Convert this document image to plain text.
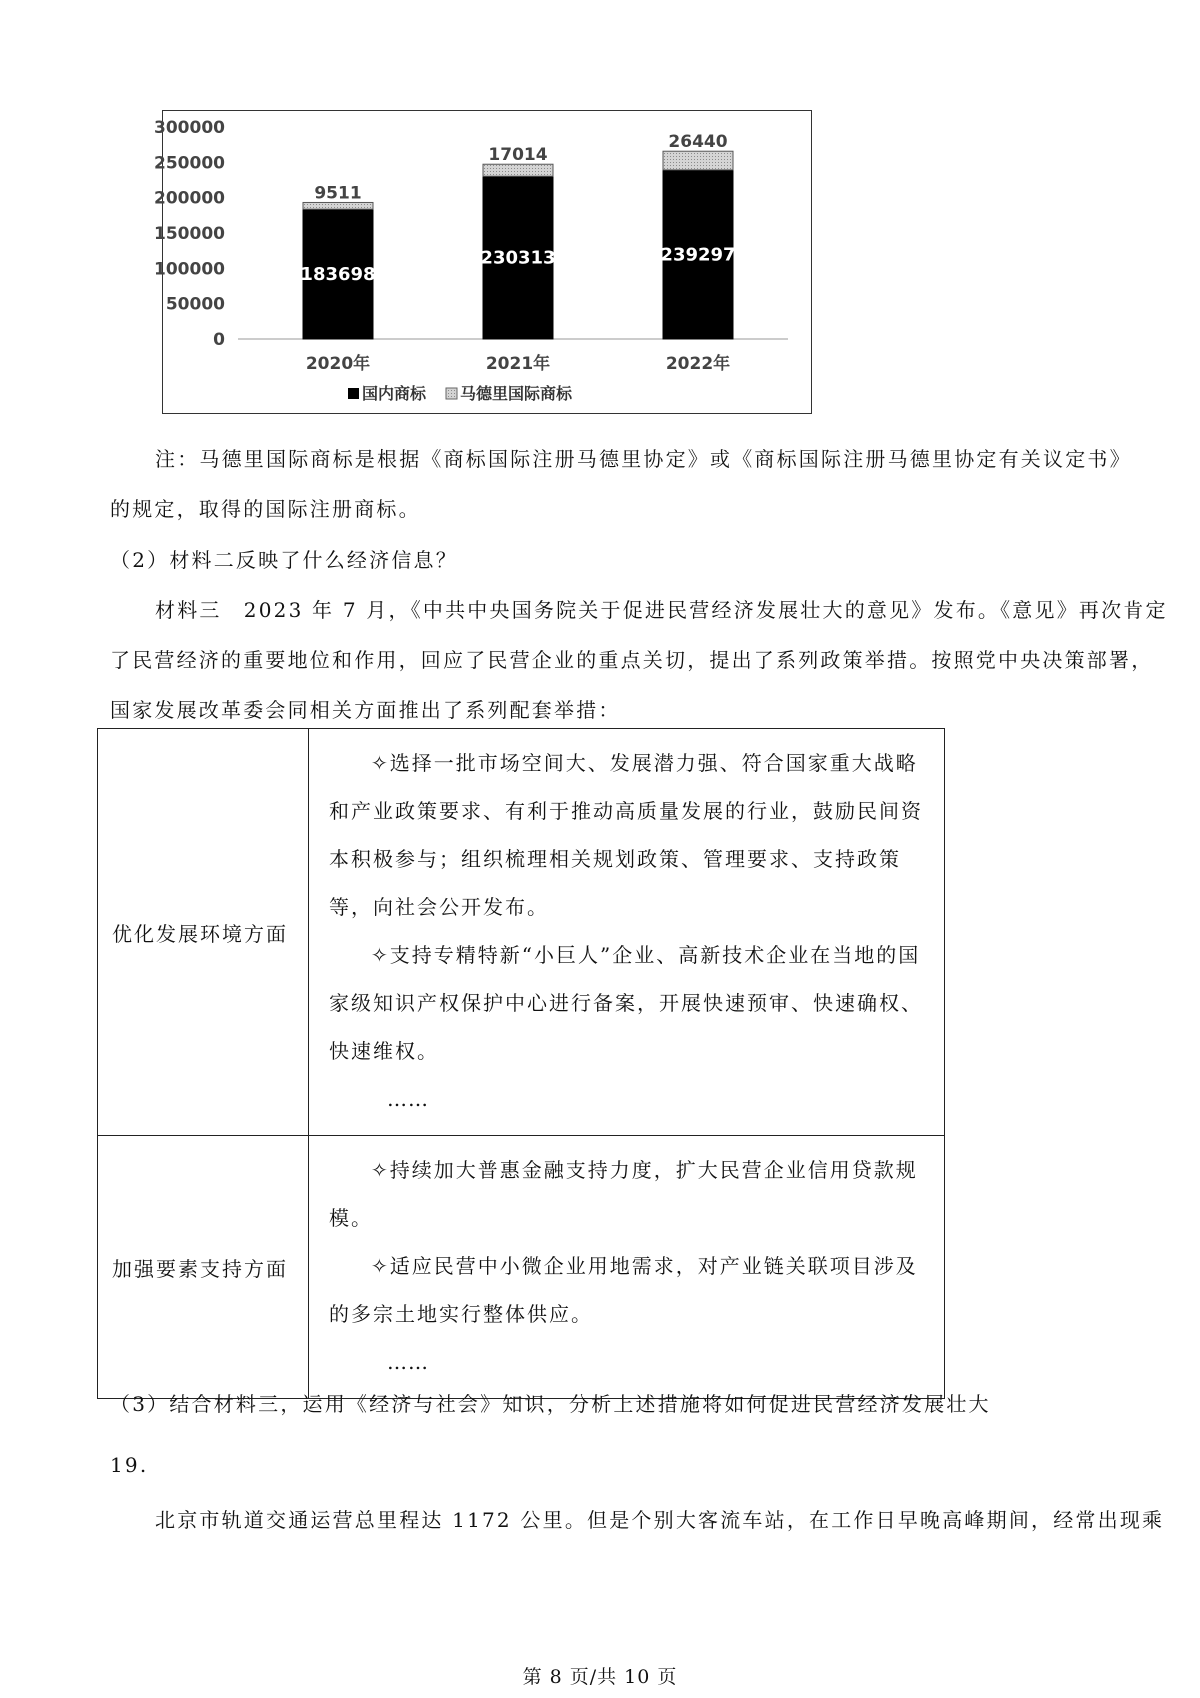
0
50000
100000
150000
200000
250000
300000
183698
9511
2020年
230313
17014
2021年
239297
26440
2022年
国内商标 马德里国际商标
注：马德里国际商标是根据《商标国际注册马德里协定》或《商标国际注册马德里协定有关议定书》
的规定，取得的国际注册商标。
（2）材料二反映了什么经济信息？
材料三　2023 年 7 月，《中共中央国务院关于促进民营经济发展壮大的意见》发布。《意见》再次肯定
了民营经济的重要地位和作用，回应了民营企业的重点关切，提出了系列政策举措。按照党中央决策部署，
国家发展改革委会同相关方面推出了系列配套举措：
优化发展环境方面	✧选择一批市场空间大、发展潜力强、符合国家重大战略和产业政策要求、有利于推动高质量发展的行业，鼓励民间资本积极参与；组织梳理相关规划政策、管理要求、支持政策等，向社会公开发布。
✧支持专精特新“小巨人”企业、高新技术企业在当地的国家级知识产权保护中心进行备案，开展快速预审、快速确权、快速维权。
……

加强要素支持方面	✧持续加大普惠金融支持力度，扩大民营企业信用贷款规模。
✧适应民营中小微企业用地需求，对产业链关联项目涉及的多宗土地实行整体供应。
……
（3）结合材料三，运用《经济与社会》知识，分析上述措施将如何促进民营经济发展壮大
19.
北京市轨道交通运营总里程达 1172 公里。但是个别大客流车站，在工作日早晚高峰期间，经常出现乘
第 8 页/共 10 页
